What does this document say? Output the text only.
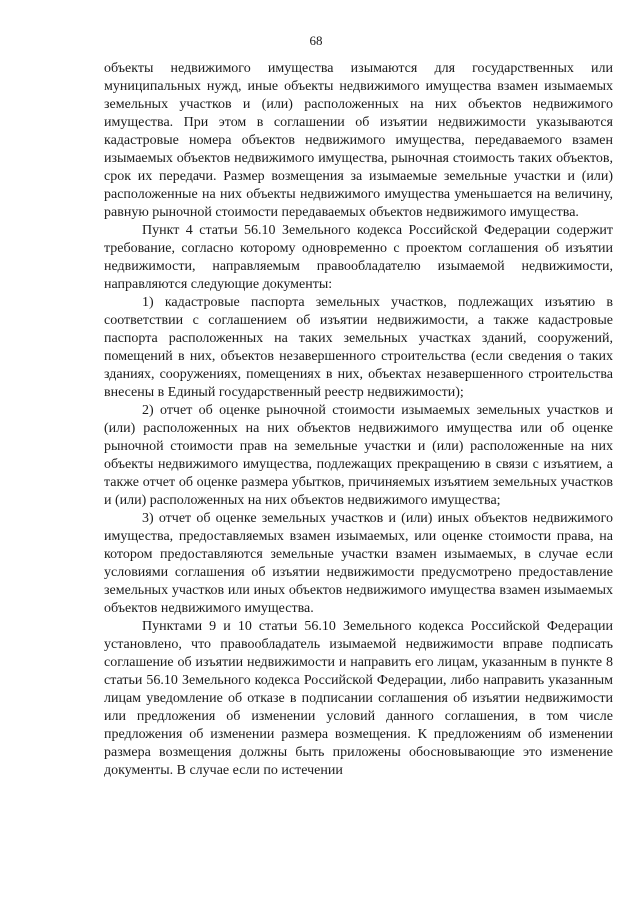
68

объекты недвижимого имущества изымаются для государственных или муниципальных нужд, иные объекты недвижимого имущества взамен изымаемых земельных участков и (или) расположенных на них объектов недвижимого имущества. При этом в соглашении об изъятии недвижимости указываются кадастровые номера объектов недвижимого имущества, передаваемого взамен изымаемых объектов недвижимого имущества, рыночная стоимость таких объектов, срок их передачи. Размер возмещения за изымаемые земельные участки и (или) расположенные на них объекты недвижимого имущества уменьшается на величину, равную рыночной стоимости передаваемых объектов недвижимого имущества.

Пункт 4 статьи 56.10 Земельного кодекса Российской Федерации содержит требование, согласно которому одновременно с проектом соглашения об изъятии недвижимости, направляемым правообладателю изымаемой недвижимости, направляются следующие документы:

1) кадастровые паспорта земельных участков, подлежащих изъятию в соответствии с соглашением об изъятии недвижимости, а также кадастровые паспорта расположенных на таких земельных участках зданий, сооружений, помещений в них, объектов незавершенного строительства (если сведения о таких зданиях, сооружениях, помещениях в них, объектах незавершенного строительства внесены в Единый государственный реестр недвижимости);

2) отчет об оценке рыночной стоимости изымаемых земельных участков и (или) расположенных на них объектов недвижимого имущества или об оценке рыночной стоимости прав на земельные участки и (или) расположенные на них объекты недвижимого имущества, подлежащих прекращению в связи с изъятием, а также отчет об оценке размера убытков, причиняемых изъятием земельных участков и (или) расположенных на них объектов недвижимого имущества;

3) отчет об оценке земельных участков и (или) иных объектов недвижимого имущества, предоставляемых взамен изымаемых, или оценке стоимости права, на котором предоставляются земельные участки взамен изымаемых, в случае если условиями соглашения об изъятии недвижимости предусмотрено предоставление земельных участков или иных объектов недвижимого имущества взамен изымаемых объектов недвижимого имущества.

Пунктами 9 и 10 статьи 56.10 Земельного кодекса Российской Федерации установлено, что правообладатель изымаемой недвижимости вправе подписать соглашение об изъятии недвижимости и направить его лицам, указанным в пункте 8 статьи 56.10 Земельного кодекса Российской Федерации, либо направить указанным лицам уведомление об отказе в подписании соглашения об изъятии недвижимости или предложения об изменении условий данного соглашения, в том числе предложения об изменении размера возмещения. К предложениям об изменении размера возмещения должны быть приложены обосновывающие это изменение документы. В случае если по истечении
